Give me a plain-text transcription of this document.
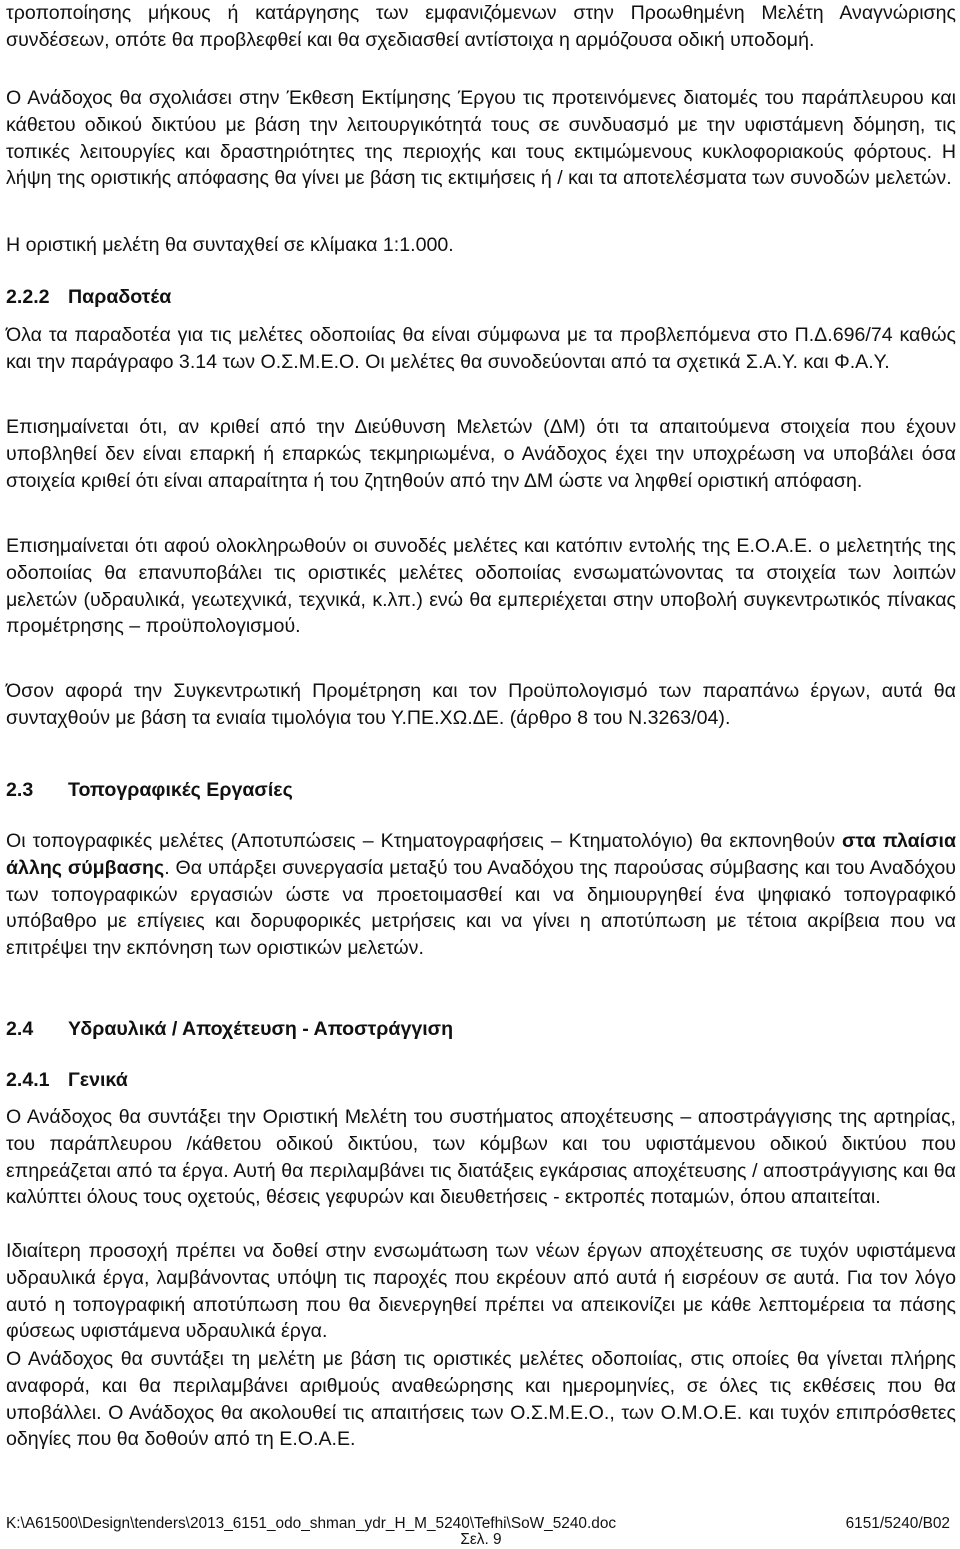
τροποποίησης μήκους ή κατάργησης των εμφανιζόμενων στην Προωθημένη Μελέτη Αναγνώρισης συνδέσεων, οπότε θα προβλεφθεί και θα σχεδιασθεί αντίστοιχα η αρμόζουσα οδική υποδομή.

Ο Ανάδοχος θα σχολιάσει στην Έκθεση Εκτίμησης Έργου τις προτεινόμενες διατομές του παράπλευρου και κάθετου οδικού δικτύου με βάση την λειτουργικότητά τους σε συνδυασμό με την υφιστάμενη δόμηση, τις τοπικές λειτουργίες και δραστηριότητες της περιοχής και τους εκτιμώμενους κυκλοφοριακούς φόρτους. Η λήψη της οριστικής απόφασης θα γίνει με βάση τις εκτιμήσεις ή / και τα αποτελέσματα των συνοδών μελετών.

Η οριστική μελέτη θα συνταχθεί σε κλίμακα 1:1.000.

2.2.2 Παραδοτέα

Όλα τα παραδοτέα για τις μελέτες οδοποιίας θα είναι σύμφωνα με τα προβλεπόμενα στο Π.Δ.696/74 καθώς και την παράγραφο 3.14 των Ο.Σ.Μ.Ε.Ο. Οι μελέτες θα συνοδεύονται από τα σχετικά Σ.Α.Υ. και Φ.Α.Υ.

Επισημαίνεται ότι, αν κριθεί από την Διεύθυνση Μελετών (ΔΜ) ότι τα απαιτούμενα στοιχεία που έχουν υποβληθεί δεν είναι επαρκή ή επαρκώς τεκμηριωμένα, ο Ανάδοχος έχει την υποχρέωση να υποβάλει όσα στοιχεία κριθεί ότι είναι απαραίτητα ή του ζητηθούν από την ΔΜ ώστε να ληφθεί οριστική απόφαση.

Επισημαίνεται ότι αφού ολοκληρωθούν οι συνοδές μελέτες και κατόπιν εντολής της Ε.Ο.Α.Ε. ο μελετητής της οδοποιίας θα επανυποβάλει τις οριστικές μελέτες οδοποιίας ενσωματώνοντας τα στοιχεία των λοιπών μελετών (υδραυλικά, γεωτεχνικά, τεχνικά, κ.λπ.) ενώ θα εμπεριέχεται στην υποβολή συγκεντρωτικός πίνακας προμέτρησης – προϋπολογισμού.

Όσον αφορά την Συγκεντρωτική Προμέτρηση και τον Προϋπολογισμό των παραπάνω έργων, αυτά θα συνταχθούν με βάση τα ενιαία τιμολόγια του Υ.ΠΕ.ΧΩ.ΔΕ. (άρθρο 8 του Ν.3263/04).

2.3 Τοπογραφικές Εργασίες

Οι τοπογραφικές μελέτες (Αποτυπώσεις – Κτηματογραφήσεις – Κτηματολόγιο) θα εκπονηθούν στα πλαίσια άλλης σύμβασης. Θα υπάρξει συνεργασία μεταξύ του Αναδόχου της παρούσας σύμβασης και του Αναδόχου των τοπογραφικών εργασιών ώστε να προετοιμασθεί και να δημιουργηθεί ένα ψηφιακό τοπογραφικό υπόβαθρο με επίγειες και δορυφορικές μετρήσεις και να γίνει η αποτύπωση με τέτοια ακρίβεια που να επιτρέψει την εκπόνηση των οριστικών μελετών.

2.4 Υδραυλικά / Αποχέτευση - Αποστράγγιση
2.4.1 Γενικά

Ο Ανάδοχος θα συντάξει την Οριστική Μελέτη του συστήματος αποχέτευσης – αποστράγγισης της αρτηρίας, του παράπλευρου /κάθετου οδικού δικτύου, των κόμβων και του υφιστάμενου οδικού δικτύου που επηρεάζεται από τα έργα. Αυτή θα περιλαμβάνει τις διατάξεις εγκάρσιας αποχέτευσης / αποστράγγισης και θα καλύπτει όλους τους οχετούς, θέσεις γεφυρών και διευθετήσεις - εκτροπές ποταμών, όπου απαιτείται.

Ιδιαίτερη προσοχή πρέπει να δοθεί στην ενσωμάτωση των νέων έργων αποχέτευσης σε τυχόν υφιστάμενα υδραυλικά έργα, λαμβάνοντας υπόψη τις παροχές που εκρέουν από αυτά ή εισρέουν σε αυτά. Για τον λόγο αυτό η τοπογραφική αποτύπωση που θα διενεργηθεί πρέπει να απεικονίζει με κάθε λεπτομέρεια τα πάσης φύσεως υφιστάμενα υδραυλικά έργα.

Ο Ανάδοχος θα συντάξει τη μελέτη με βάση τις οριστικές μελέτες οδοποιίας, στις οποίες θα γίνεται πλήρης αναφορά, και θα περιλαμβάνει αριθμούς αναθεώρησης και ημερομηνίες, σε όλες τις εκθέσεις που θα υποβάλλει. Ο Ανάδοχος θα ακολουθεί τις απαιτήσεις των Ο.Σ.Μ.Ε.Ο., των Ο.Μ.Ο.Ε. και τυχόν επιπρόσθετες οδηγίες που θα δοθούν από τη Ε.Ο.Α.Ε.

K:\A61500\Design\tenders\2013_6151_odo_shman_ydr_H_M_5240\Tefhi\SoW_5240.doc	6151/5240/B02
Σελ. 9
